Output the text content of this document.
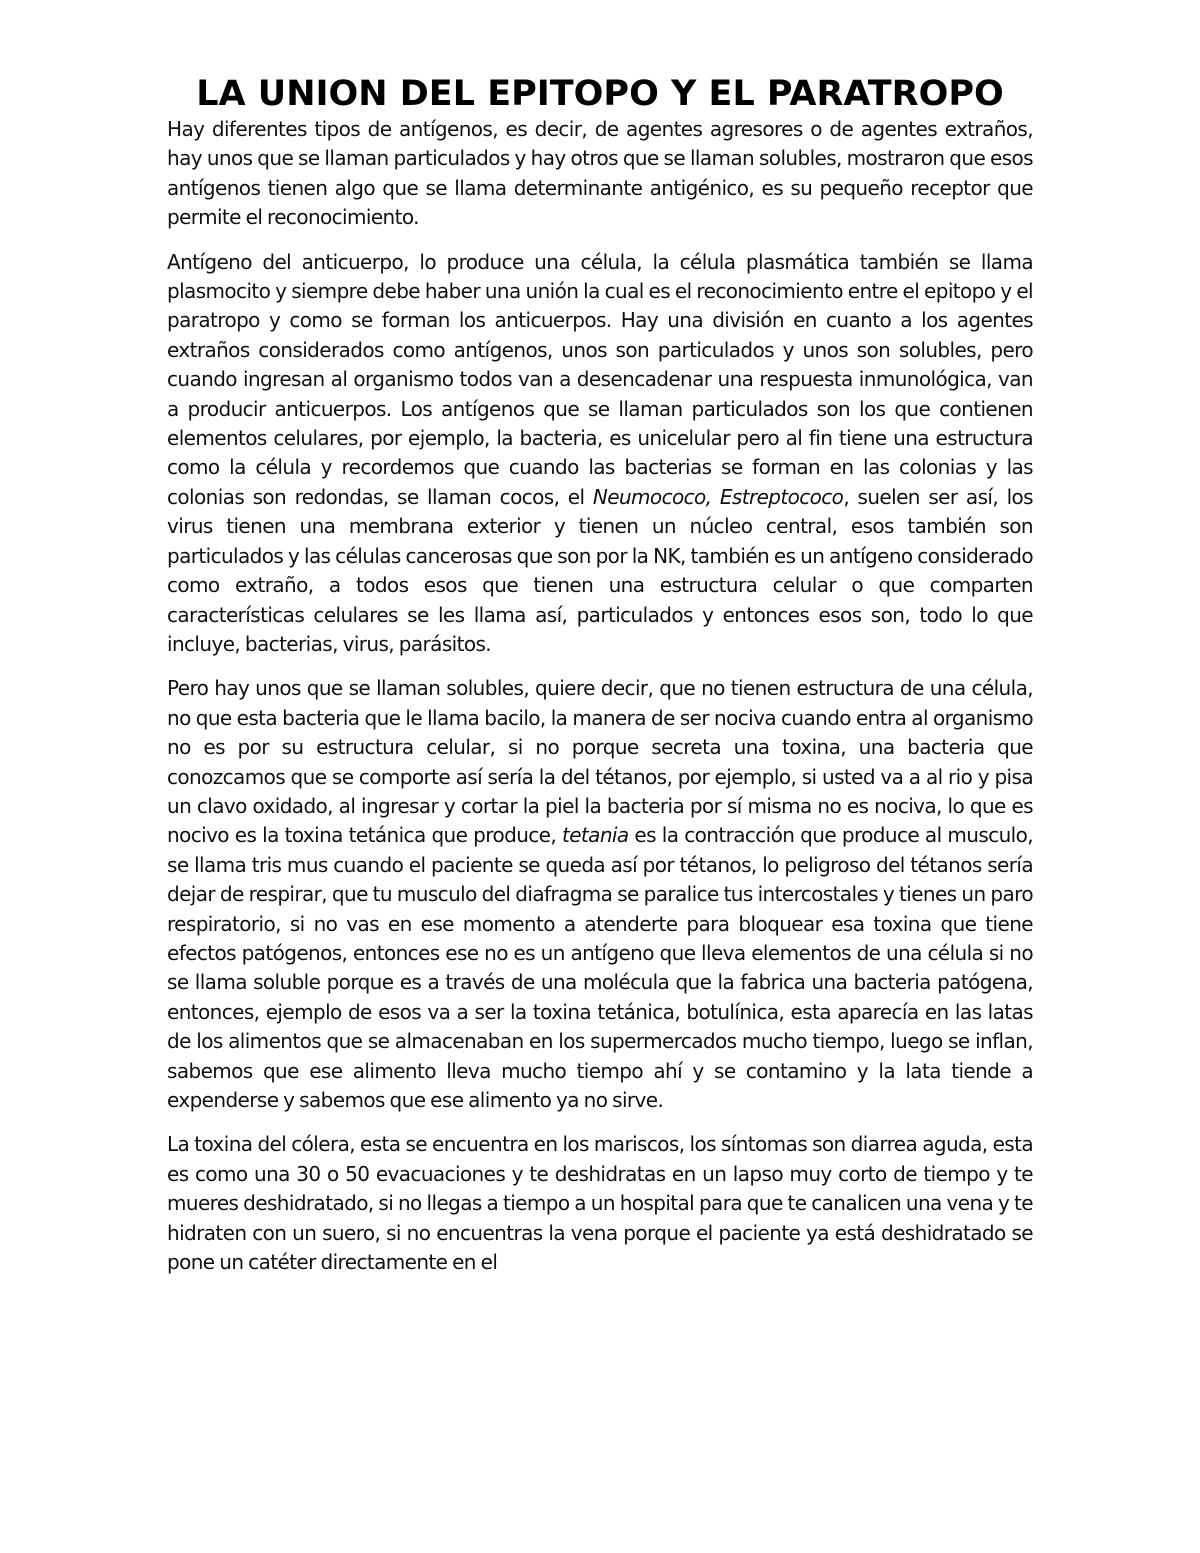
LA UNION DEL EPITOPO Y EL PARATROPO

Hay diferentes tipos de antígenos, es decir, de agentes agresores o de agentes extraños, hay unos que se llaman particulados y hay otros que se llaman solubles, mostraron que esos antígenos tienen algo que se llama determinante antigénico, es su pequeño receptor que permite el reconocimiento.

Antígeno del anticuerpo, lo produce una célula, la célula plasmática también se llama plasmocito y siempre debe haber una unión la cual es el reconocimiento entre el epitopo y el paratropo y como se forman los anticuerpos. Hay una división en cuanto a los agentes extraños considerados como antígenos, unos son particulados y unos son solubles, pero cuando ingresan al organismo todos van a desencadenar una respuesta inmunológica, van a producir anticuerpos. Los antígenos que se llaman particulados son los que contienen elementos celulares, por ejemplo, la bacteria, es unicelular pero al fin tiene una estructura como la célula y recordemos que cuando las bacterias se forman en las colonias y las colonias son redondas, se llaman cocos, el Neumococo, Estreptococo, suelen ser así, los virus tienen una membrana exterior y tienen un núcleo central, esos también son particulados y las células cancerosas que son por la NK, también es un antígeno considerado como extraño, a todos esos que tienen una estructura celular o que comparten características celulares se les llama así, particulados y entonces esos son, todo lo que incluye, bacterias, virus, parásitos.

Pero hay unos que se llaman solubles, quiere decir, que no tienen estructura de una célula, no que esta bacteria que le llama bacilo, la manera de ser nociva cuando entra al organismo no es por su estructura celular, si no porque secreta una toxina, una bacteria que conozcamos que se comporte así sería la del tétanos, por ejemplo, si usted va a al rio y pisa un clavo oxidado, al ingresar y cortar la piel la bacteria por sí misma no es nociva, lo que es nocivo es la toxina tetánica que produce, tetania es la contracción que produce al musculo, se llama tris mus cuando el paciente se queda así por tétanos, lo peligroso del tétanos sería dejar de respirar, que tu musculo del diafragma se paralice tus intercostales y tienes un paro respiratorio, si no vas en ese momento a atenderte para bloquear esa toxina que tiene efectos patógenos, entonces ese no es un antígeno que lleva elementos de una célula si no se llama soluble porque es a través de una molécula que la fabrica una bacteria patógena, entonces, ejemplo de esos va a ser la toxina tetánica, botulínica, esta aparecía en las latas de los alimentos que se almacenaban en los supermercados mucho tiempo, luego se inflan, sabemos que ese alimento lleva mucho tiempo ahí y se contamino y la lata tiende a expenderse y sabemos que ese alimento ya no sirve.

La toxina del cólera, esta se encuentra en los mariscos, los síntomas son diarrea aguda, esta es como una 30 o 50 evacuaciones y te deshidratas en un lapso muy corto de tiempo y te mueres deshidratado, si no llegas a tiempo a un hospital para que te canalicen una vena y te hidraten con un suero, si no encuentras la vena porque el paciente ya está deshidratado se pone un catéter directamente en el
